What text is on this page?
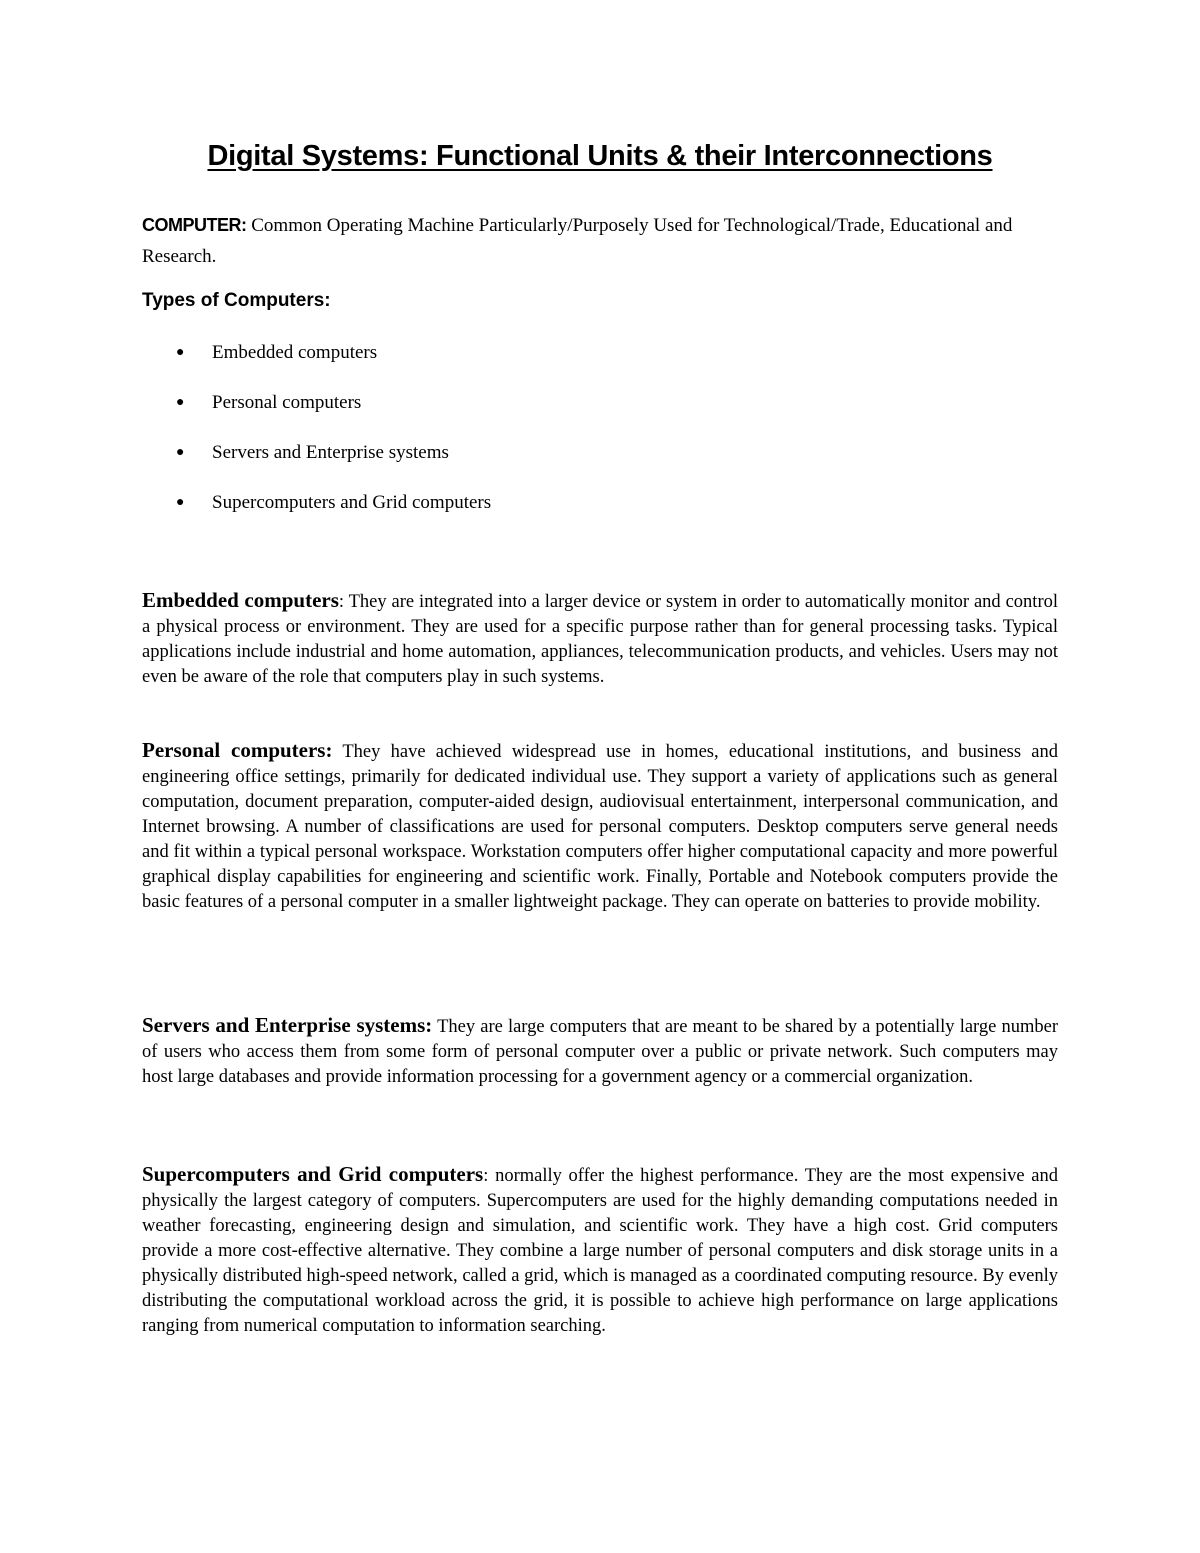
Digital Systems: Functional Units & their Interconnections
COMPUTER: Common Operating Machine Particularly/Purposely Used for Technological/Trade, Educational and Research.
Types of Computers:
● Embedded computers
● Personal computers
● Servers and Enterprise systems
● Supercomputers and Grid computers

Embedded computers: They are integrated into a larger device or system in order to automatically monitor and control a physical process or environment. They are used for a specific purpose rather than for general processing tasks. Typical applications include industrial and home automation, appliances, telecommunication products, and vehicles. Users may not even be aware of the role that computers play in such systems.

Personal computers: They have achieved widespread use in homes, educational institutions, and business and engineering office settings, primarily for dedicated individual use. They support a variety of applications such as general computation, document preparation, computer-aided design, audiovisual entertainment, interpersonal communication, and Internet browsing. A number of classifications are used for personal computers. Desktop computers serve general needs and fit within a typical personal workspace. Workstation computers offer higher computational capacity and more powerful graphical display capabilities for engineering and scientific work. Finally, Portable and Notebook computers provide the basic features of a personal computer in a smaller lightweight package. They can operate on batteries to provide mobility.

Servers and Enterprise systems: They are large computers that are meant to be shared by a potentially large number of users who access them from some form of personal computer over a public or private network. Such computers may host large databases and provide information processing for a government agency or a commercial organization.

Supercomputers and Grid computers: normally offer the highest performance. They are the most expensive and physically the largest category of computers. Supercomputers are used for the highly demanding computations needed in weather forecasting, engineering design and simulation, and scientific work. They have a high cost. Grid computers provide a more cost-effective alternative. They combine a large number of personal computers and disk storage units in a physically distributed high-speed network, called a grid, which is managed as a coordinated computing resource. By evenly distributing the computational workload across the grid, it is possible to achieve high performance on large applications ranging from numerical computation to information searching.
